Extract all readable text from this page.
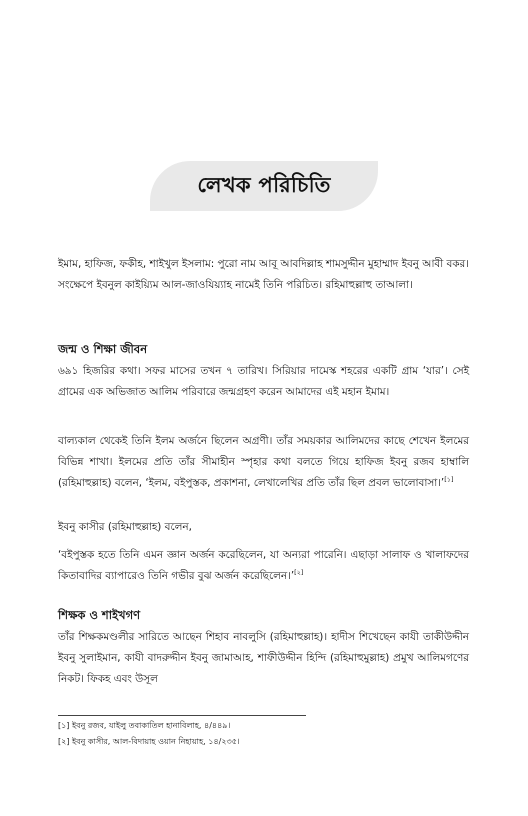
লেখক পরিচিতি

ইমাম, হাফিজ, ফকীহ, শাইখুল ইসলাম: পুরো নাম আবূ আবদিল্লাহ শামসুদ্দীন মুহাম্মাদ ইবনু আবী বকর। সংক্ষেপে ইবনুল কাইয়্যিম আল-জাওযিয়্যাহ নামেই তিনি পরিচিত। রহিমাহুল্লাহু তাআলা।

জন্ম ও শিক্ষা জীবন

৬৯১ হিজরির কথা। সফর মাসের তখন ৭ তারিখ। সিরিয়ার দামেস্ক শহরের একটি গ্রাম ‘যার’। সেই গ্রামের এক অভিজাত আলিম পরিবারে জন্মগ্রহণ করেন আমাদের এই মহান ইমাম।

বাল্যকাল থেকেই তিনি ইলম অর্জনে ছিলেন অগ্রণী। তাঁর সময়কার আলিমদের কাছে শেখেন ইলমের বিভিন্ন শাখা। ইলমের প্রতি তাঁর সীমাহীন স্পৃহার কথা বলতে গিয়ে হাফিজ ইবনু রজব হাম্বালি (রহিমাহুল্লাহ) বলেন, ‘ইলম, বইপুস্তক, প্রকাশনা, লেখালেখির প্রতি তাঁর ছিল প্রবল ভালোবাসা।’[১]

ইবনু কাসীর (রহিমাহুল্লাহ) বলেন,

‘বইপুস্তক হতে তিনি এমন জ্ঞান অর্জন করেছিলেন, যা অন্যরা পারেনি। এছাড়া সালাফ ও খালাফদের কিতাবাদির ব্যাপারেও তিনি গভীর বুঝ অর্জন করেছিলেন।’[২]

শিক্ষক ও শাইখগণ

তাঁর শিক্ষকমণ্ডলীর সারিতে আছেন শিহাব নাবলুসি (রহিমাহুল্লাহ)। হাদীস শিখেছেন কাযী তাকীউদ্দীন ইবনু সুলাইমান, কাযী বাদরুদ্দীন ইবনু জামাআহ, শাফীউদ্দীন হিন্দি (রহিমাহুমুল্লাহ) প্রমুখ আলিমগণের নিকট। ফিকহ এবং উসূল

[১] ইবনু রজব, যাইলু তবাকাতিল হানাবিলাহ, ৪/৪৪৯।

[২] ইবনু কাসীর, আল-বিদায়াহ ওয়ান নিহায়াহ, ১৪/২৩৫।
